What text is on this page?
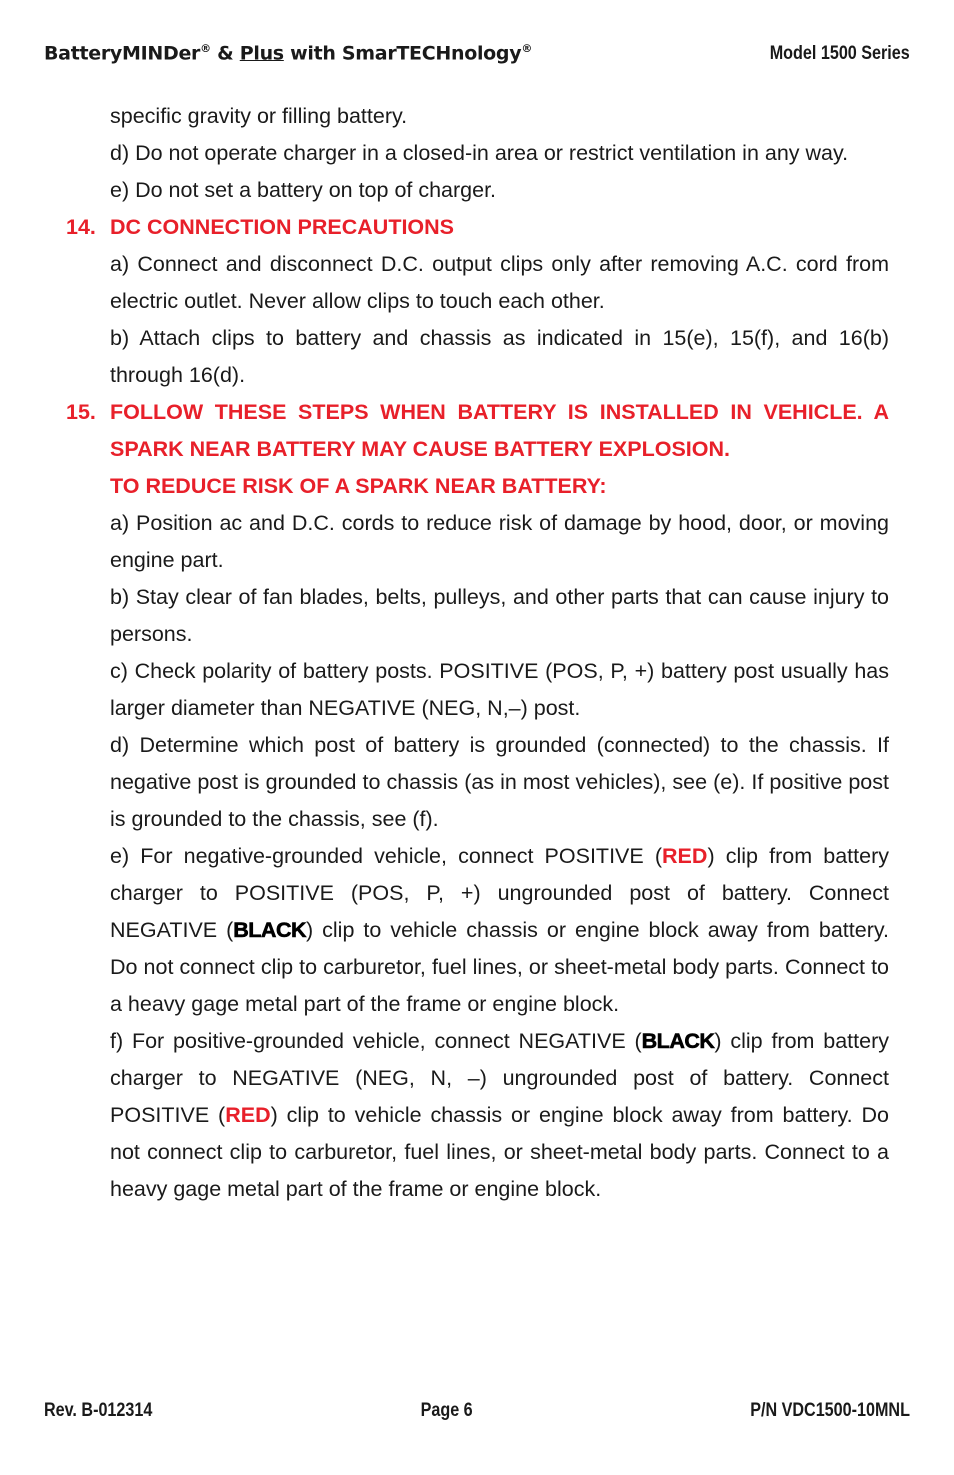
BatteryMINDer® & Plus with SmarTECHnology®	Model 1500 Series
specific gravity or filling battery.
d) Do not operate charger in a closed-in area or restrict ventilation in any way.
e) Do not set a battery on top of charger.
14. DC CONNECTION PRECAUTIONS
a) Connect and disconnect D.C. output clips only after removing A.C. cord from electric outlet. Never allow clips to touch each other.
b) Attach clips to battery and chassis as indicated in 15(e), 15(f), and 16(b) through 16(d).
15. FOLLOW THESE STEPS WHEN BATTERY IS INSTALLED IN VEHICLE. A SPARK NEAR BATTERY MAY CAUSE BATTERY EXPLOSION.
TO REDUCE RISK OF A SPARK NEAR BATTERY:
a) Position ac and D.C. cords to reduce risk of damage by hood, door, or moving engine part.
b) Stay clear of fan blades, belts, pulleys, and other parts that can cause injury to persons.
c) Check polarity of battery posts. POSITIVE (POS, P, +) battery post usually has larger diameter than NEGATIVE (NEG, N,–) post.
d) Determine which post of battery is grounded (connected) to the chassis. If negative post is grounded to chassis (as in most vehicles), see (e). If positive post is grounded to the chassis, see (f).
e) For negative-grounded vehicle, connect POSITIVE (RED) clip from battery charger to POSITIVE (POS, P, +) ungrounded post of battery. Connect NEGATIVE (BLACK) clip to vehicle chassis or engine block away from battery. Do not connect clip to carburetor, fuel lines, or sheet-metal body parts. Connect to a heavy gage metal part of the frame or engine block.
f) For positive-grounded vehicle, connect NEGATIVE (BLACK) clip from battery charger to NEGATIVE (NEG, N, –) ungrounded post of battery. Connect POSITIVE (RED) clip to vehicle chassis or engine block away from battery. Do not connect clip to carburetor, fuel lines, or sheet-metal body parts. Connect to a heavy gage metal part of the frame or engine block.
Rev. B-012314	Page 6	P/N VDC1500-10MNL
